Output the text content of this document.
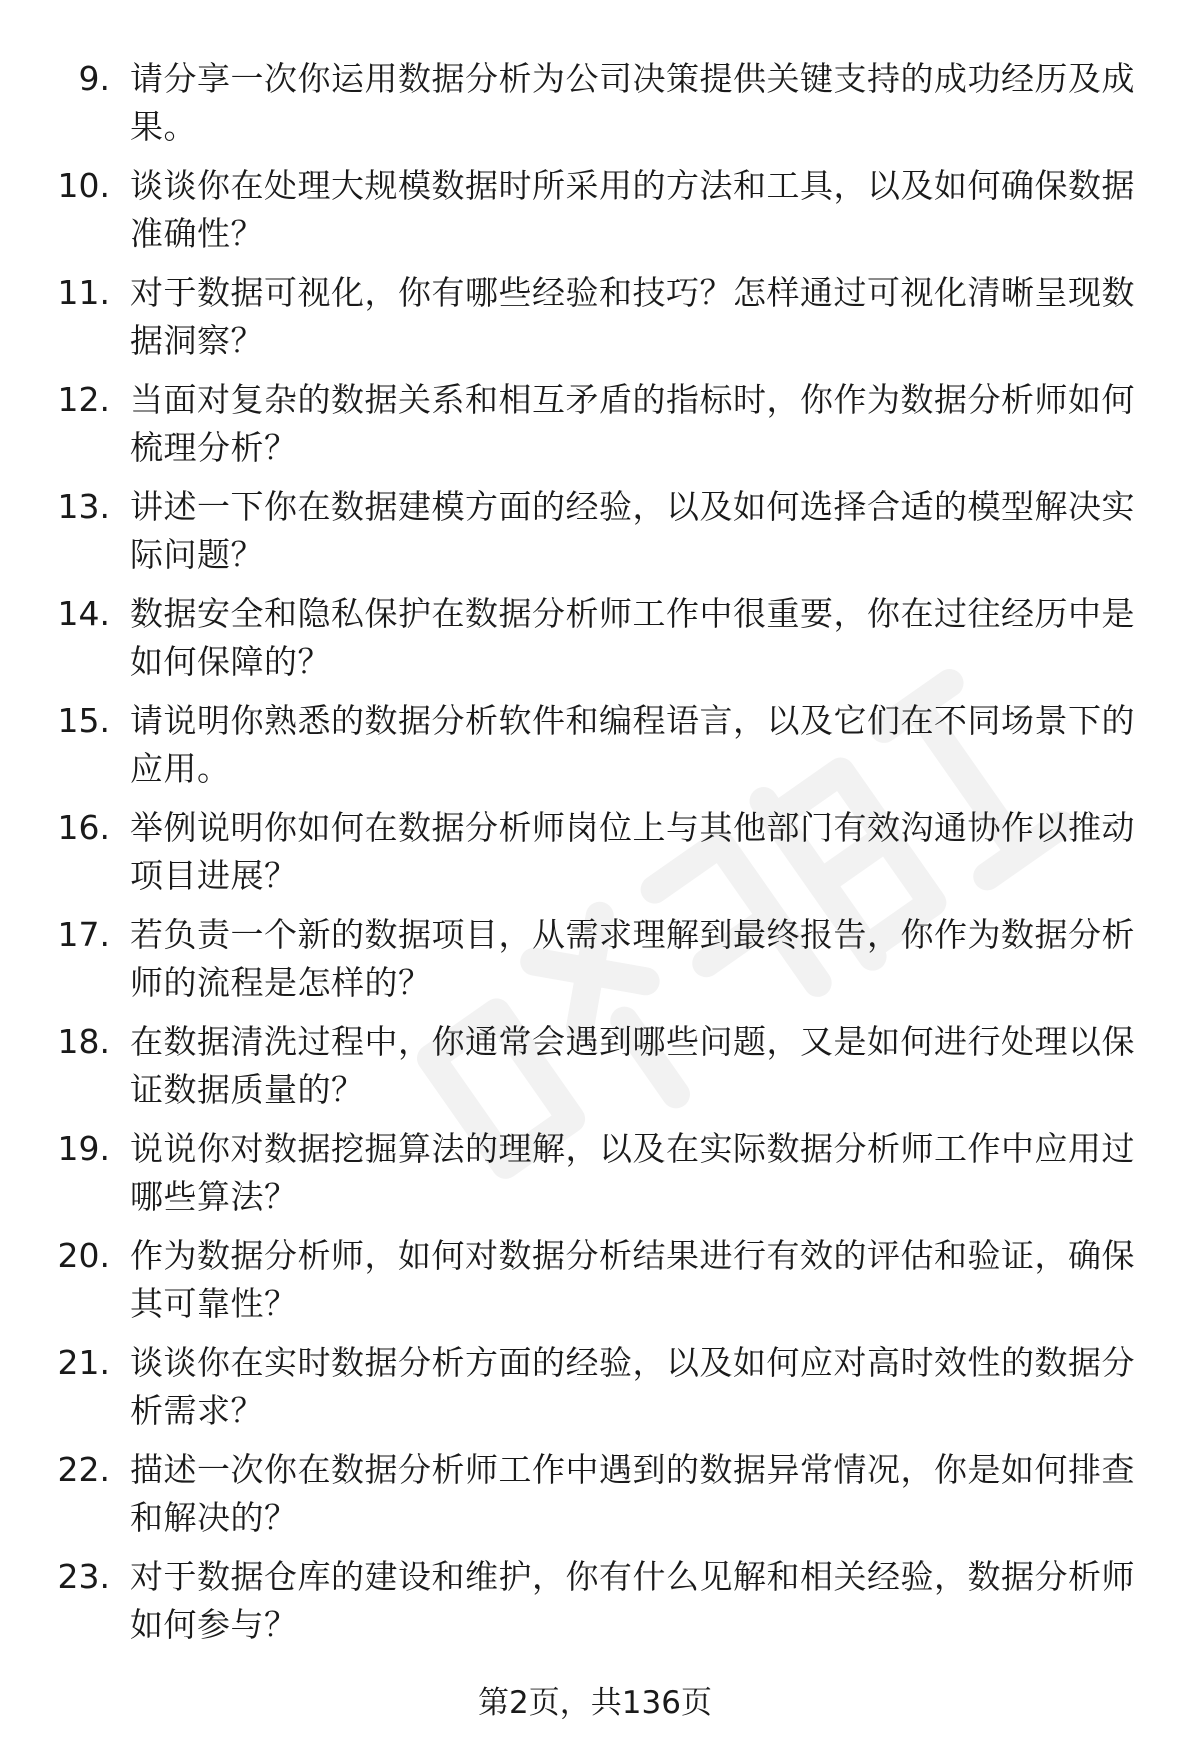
9. 请分享一次你运用数据分析为公司决策提供关键支持的成功经历及成果。

10. 谈谈你在处理大规模数据时所采用的方法和工具，以及如何确保数据准确性？

11. 对于数据可视化，你有哪些经验和技巧？怎样通过可视化清晰呈现数据洞察？

12. 当面对复杂的数据关系和相互矛盾的指标时，你作为数据分析师如何梳理分析？

13. 讲述一下你在数据建模方面的经验，以及如何选择合适的模型解决实际问题？

14. 数据安全和隐私保护在数据分析师工作中很重要，你在过往经历中是如何保障的？

15. 请说明你熟悉的数据分析软件和编程语言，以及它们在不同场景下的应用。

16. 举例说明你如何在数据分析师岗位上与其他部门有效沟通协作以推动项目进展？

17. 若负责一个新的数据项目，从需求理解到最终报告，你作为数据分析师的流程是怎样的？

18. 在数据清洗过程中，你通常会遇到哪些问题，又是如何进行处理以保证数据质量的？

19. 说说你对数据挖掘算法的理解，以及在实际数据分析师工作中应用过哪些算法？

20. 作为数据分析师，如何对数据分析结果进行有效的评估和验证，确保其可靠性？

21. 谈谈你在实时数据分析方面的经验，以及如何应对高时效性的数据分析需求？

22. 描述一次你在数据分析师工作中遇到的数据异常情况，你是如何排查和解决的？

23. 对于数据仓库的建设和维护，你有什么见解和相关经验，数据分析师如何参与？

第2页，共136页
